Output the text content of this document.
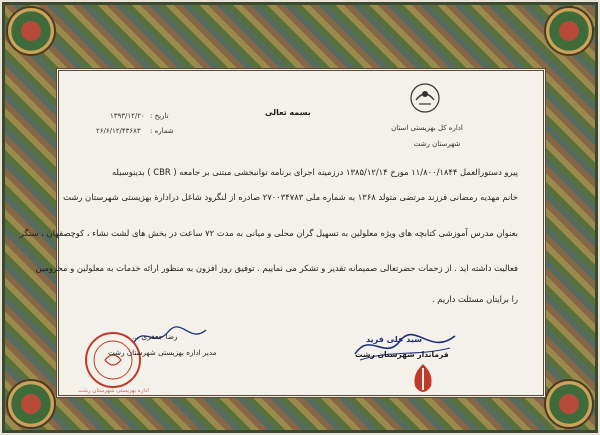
اداره کل بهزیستی استان
شهرستان رشت
بسمه تعالی
۱۳۹۳/۱۲/۲۰ تاریخ :
۲۶/۶/۱۲/۴۳۶۸۳ شماره :
پیرو دستورالعمل ۱۱/۸۰۰/۱۸۴۴ مورخ ۱۳۸۵/۱۲/۱۴ درزمینه اجرای برنامه توانبخشی مبتنی بر جامعه ( CBR ) بدینوسیله
خانم مهدیه رمضانی فرزند مرتضی متولد ۱۳۶۸ به شماره ملی ۲۷۰۰۳۴۷۸۳ صادره از لنگرود شاغل درادارة بهزیستی شهرستان رشت
بعنوان مدرس آموزشی کتابچه های ویژه معلولین به تسهیل گران محلی و میانی به مدت ۷۲ ساعت در بخش های لشت نشاء ، کوچصفهان ، سنگر
فعالیت داشته اید . از زحمات حضرتعالی صمیمانه تقدیر و تشکر می نماییم . توفیق روز افزون به منظور ارائه خدمات به معلولین و محرومین
را برایتان مسئلت داریم .
سید علی فرید
فرماندار شهرستان رشت
اداره بهزیستی شهرستان رشت
رضا جعفری ...
مدیر اداره بهزیستی شهرستان رشت
